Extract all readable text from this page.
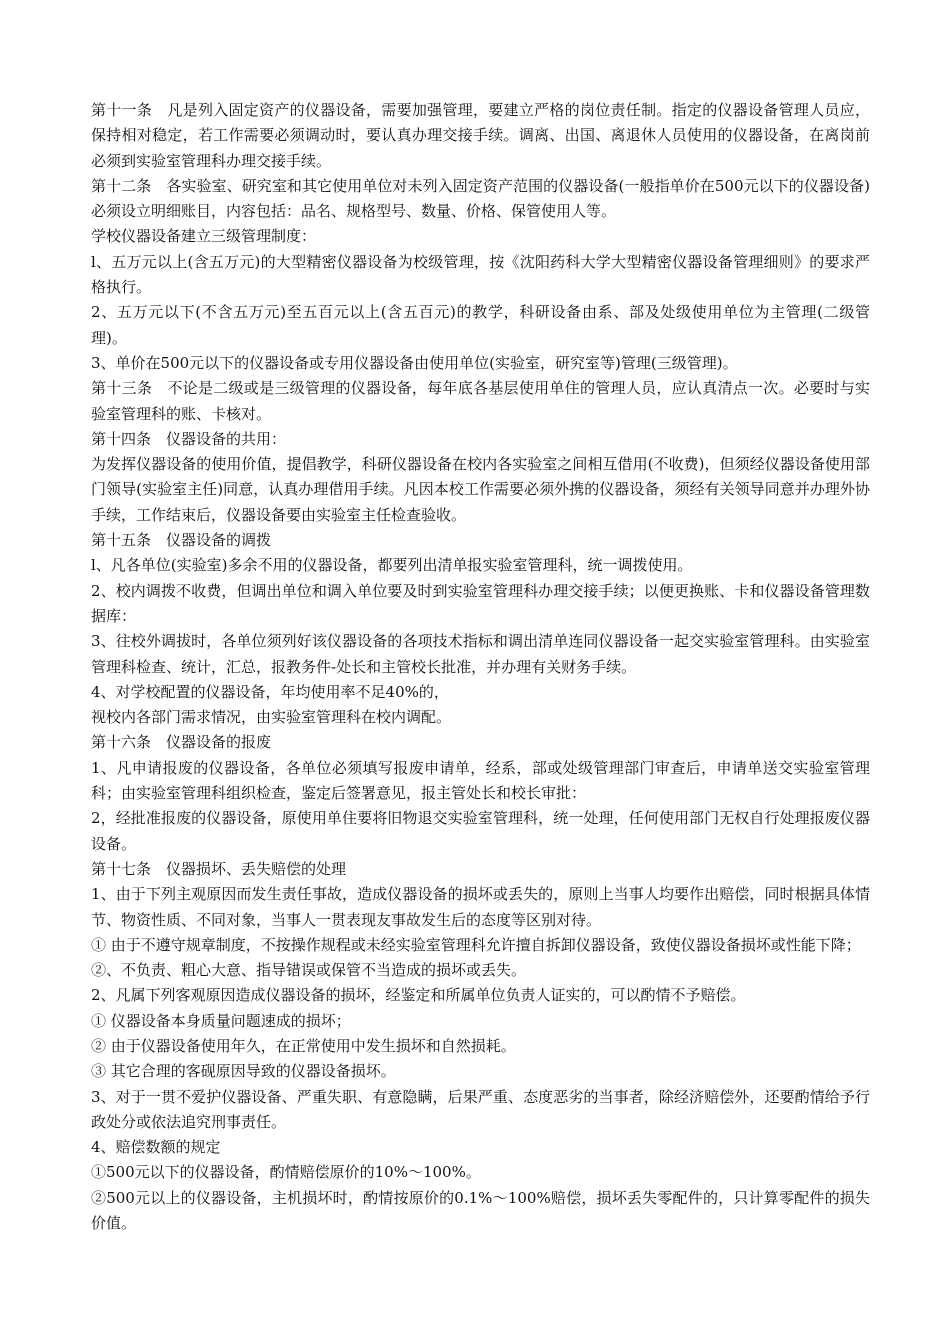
第十一条　凡是列入固定资产的仪器设备，需要加强管理，要建立严格的岗位责任制。指定的仪器设备管理人员应，保持相对稳定，若工作需要必须调动时，要认真办理交接手续。调离、出国、离退休人员使用的仪器设备，在离岗前必须到实验室管理科办理交接手续。

第十二条　各实验室、研究室和其它使用单位对未列入固定资产范围的仪器设备(一般指单价在500元以下的仪器设备)必须设立明细账目，内容包括：品名、规格型号、数量、价格、保管使用人等。

学校仪器设备建立三级管理制度：

l、五万元以上(含五万元)的大型精密仪器设备为校级管理，按《沈阳药科大学大型精密仪器设备管理细则》的要求严格执行。

2、五万元以下(不含五万元)至五百元以上(含五百元)的教学，科研设备由系、部及处级使用单位为主管理(二级管理)。

3、单价在500元以下的仪器设备或专用仪器设备由使用单位(实验室，研究室等)管理(三级管理)。

第十三条　不论是二级或是三级管理的仪器设备，每年底各基层使用单住的管理人员，应认真清点一次。必要时与实验室管理科的账、卡核对。

第十四条　仪器设备的共用：

为发挥仪器设备的使用价值，提倡教学，科研仪器设备在校内各实验室之间相互借用(不收费)，但须经仪器设备使用部门领导(实验室主任)同意，认真办理借用手续。凡因本校工作需要必须外携的仪器设备，须经有关领导同意并办理外协手续，工作结束后，仪器设备要由实验室主任检查验收。

第十五条　仪器设备的调拨

l、凡各单位(实验室)多余不用的仪器设备，都要列出清单报实验室管理科，统一调拨使用。

2、校内调拨不收费，但调出单位和调入单位要及时到实验室管理科办理交接手续；以便更换账、卡和仪器设备管理数据库：

3、往校外调拔时，各单位须列好该仪器设备的各项技术指标和调出清单连同仪器设备一起交实验室管理科。由实验室管理科检查、统计，汇总，报教务件-处长和主管校长批准，并办理有关财务手续。

4、对学校配置的仪器设备，年均使用率不足40%的，

视校内各部门需求情况，由实验室管理科在校内调配。

第十六条　仪器设备的报废

1、凡申请报废的仪器设备，各单位必须填写报废申请单，经系，部或处级管理部门审查后，申请单送交实验室管理科；由实验室管理科组织检查，鉴定后签署意见，报主管处长和校长审批：

2，经批准报废的仪器设备，原使用单住要将旧物退交实验室管理科，统一处理，任何使用部门无权自行处理报废仪器设备。

第十七条　仪器损坏、丢失赔偿的处理

1、由于下列主观原因而发生责任事故，造成仪器设备的损坏或丢失的，原则上当事人均要作出赔偿，同时根据具体情节、物资性质、不同对象，当事人一贯表现友事故发生后的态度等区别对待。

① 由于不遵守规章制度，不按操作规程或未经实验室管理科允许擅自拆卸仪器设备，致使仪器设备损坏或性能下降；

②、不负责、粗心大意、指导错误或保管不当造成的损坏或丢失。

2、凡属下列客观原因造成仪器设备的损坏，经鉴定和所属单位负责人证实的，可以酌情不予赔偿。

① 仪器设备本身质量问题速成的损坏；

② 由于仪器设备使用年久，在正常使用中发生损坏和自然损耗。

③ 其它合理的客砚原因导致的仪器设备损坏。

3、对于一贯不爱护仪器设备、严重失职、有意隐瞒，后果严重、态度恶劣的当事者，除经济赔偿外，还要酌情给予行政处分或依法追究刑事责任。

4、赔偿数额的规定

①500元以下的仪器设备，酌情赔偿原价的10%～100%。

②500元以上的仪器设备，主机损坏时，酌情按原价的0.1%～100%赔偿，损坏丢失零配件的，只计算零配件的损失价值。
